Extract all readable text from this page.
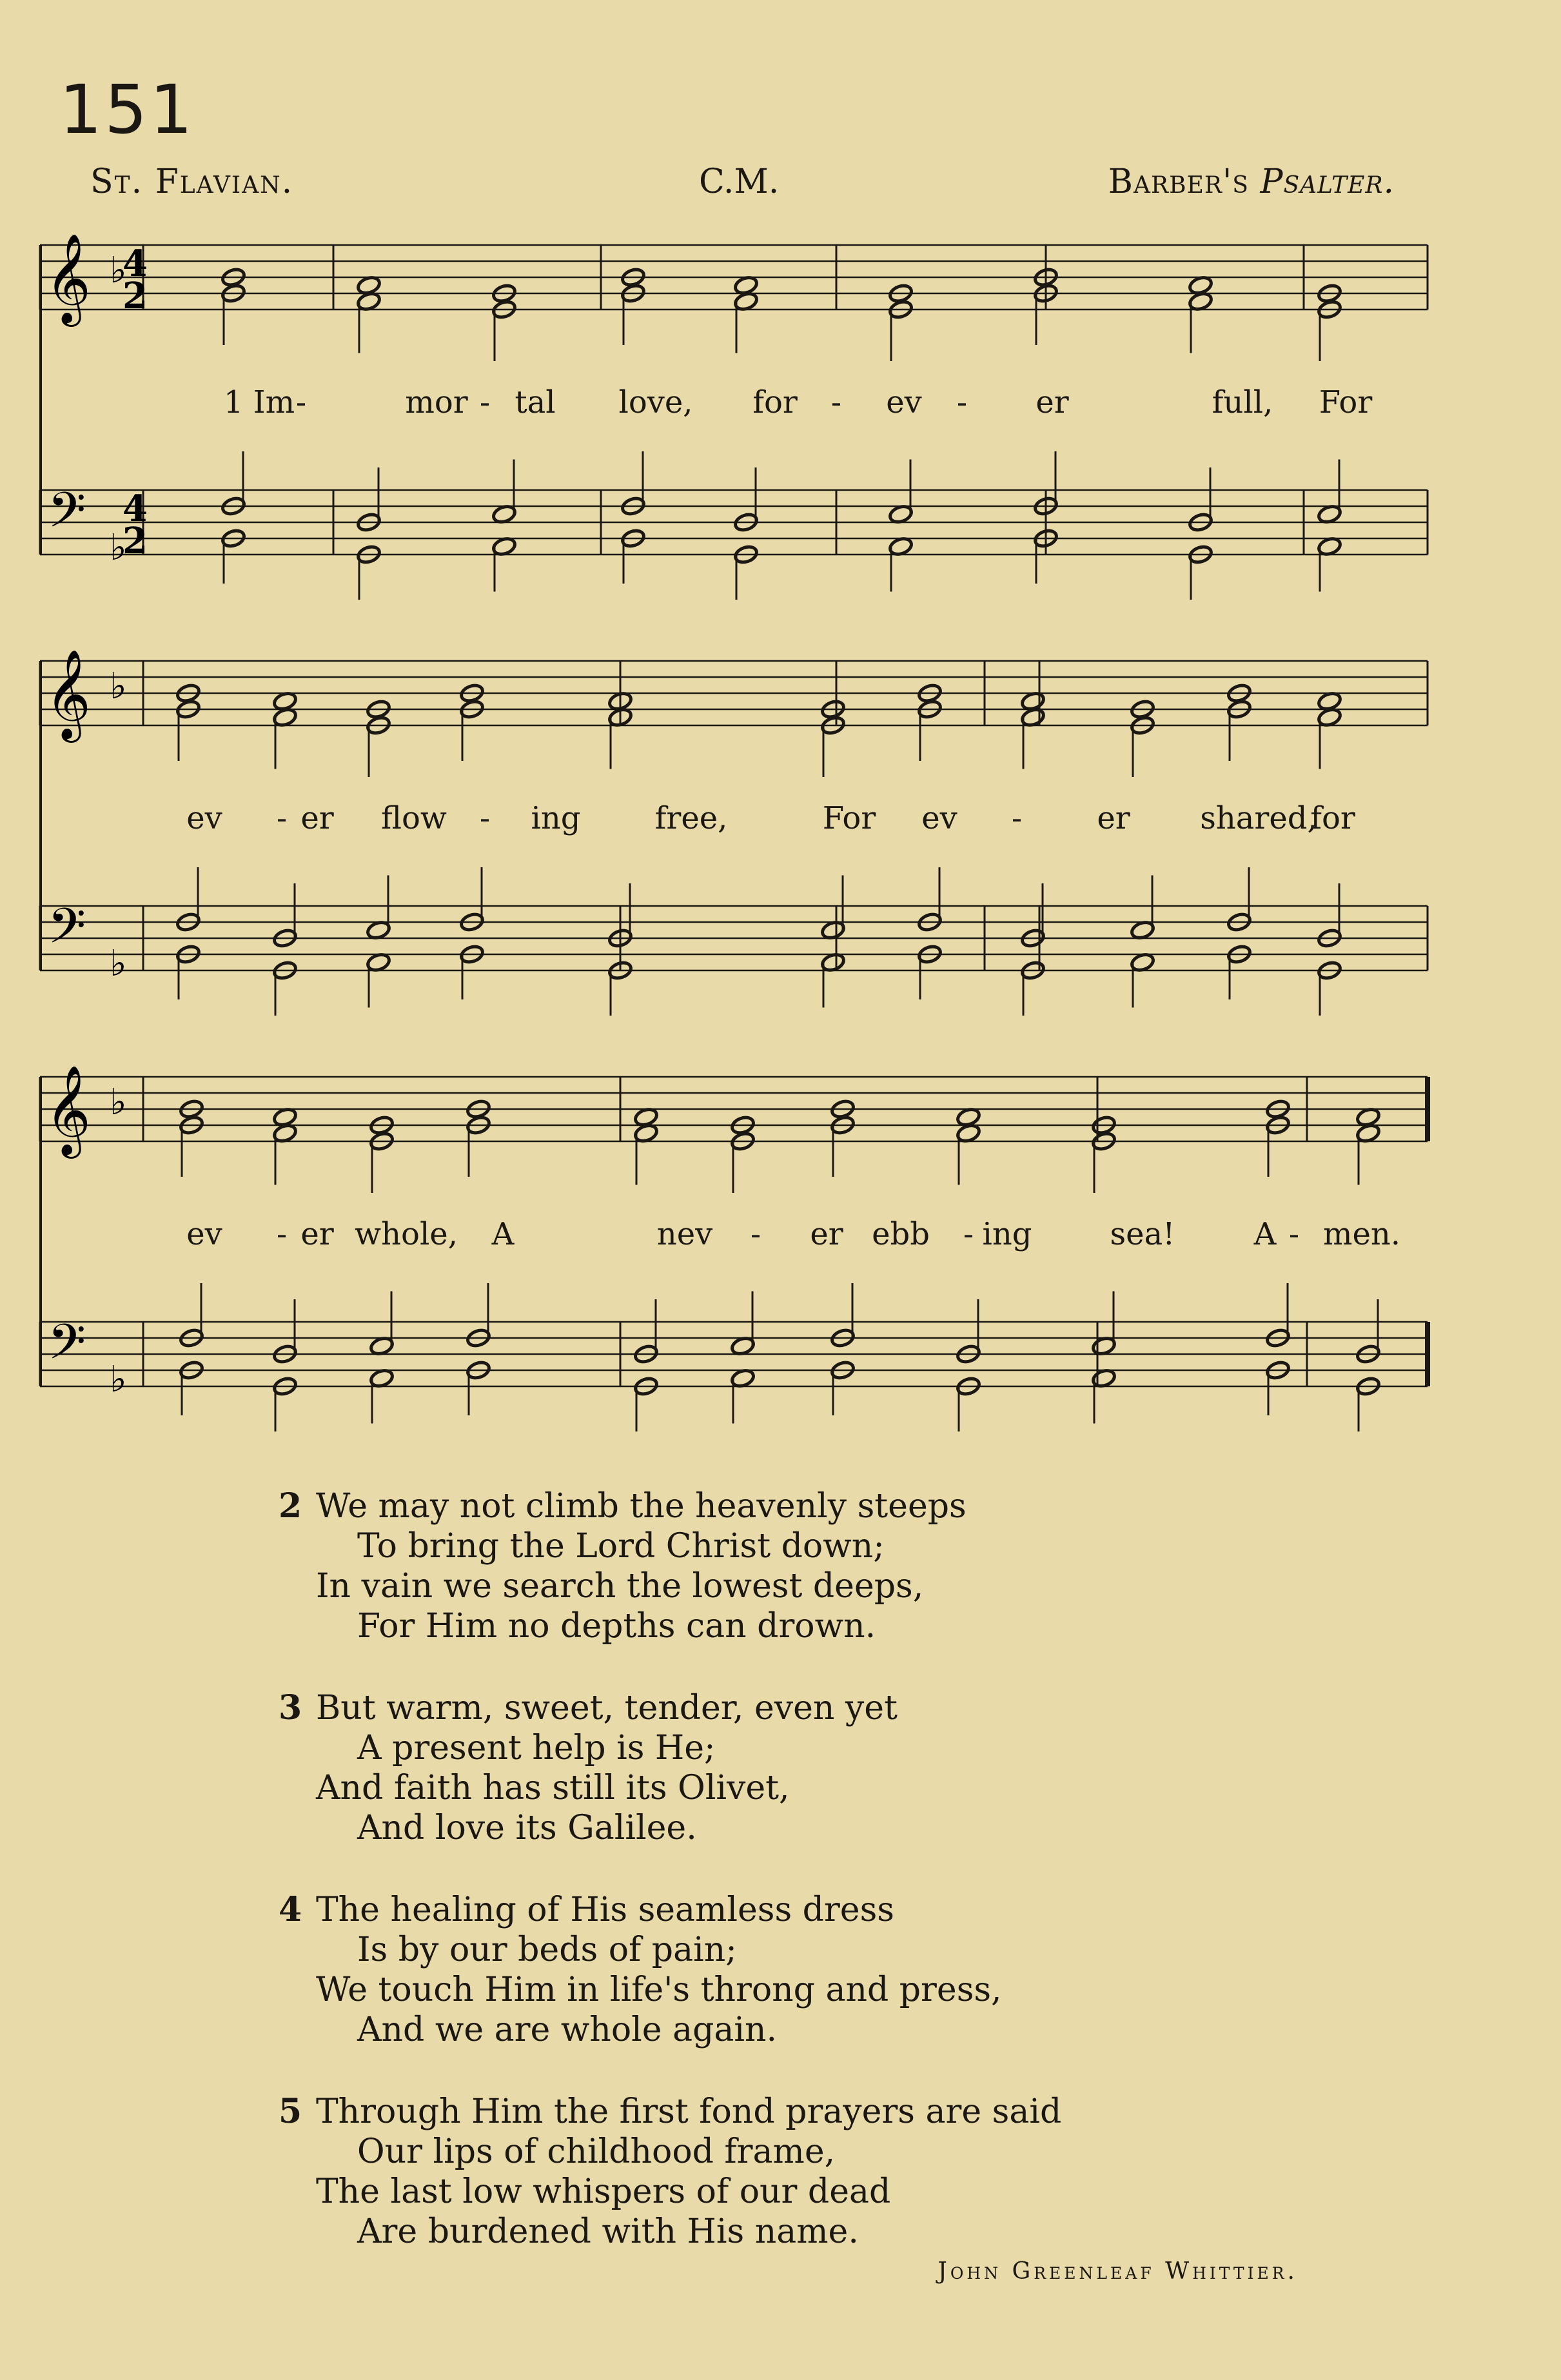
151
St. Flavian.	C.M.	Barber's Psalter.
𝄞
𝄢
♭
♭
4
2
4
2
1 Im -	mor - tal love, for - ev - er	full, For
𝄞
𝄢
♭
♭
ev - er flow - ing free,	For ev - er shared,
for
𝄞
𝄢
♭
♭
ev - er whole, A	nev - er ebb - ing	sea!	A - men.
2 We may not climb the heavenly steeps
To bring the Lord Christ down;
In vain we search the lowest deeps,
For Him no depths can drown.
3 But warm, sweet, tender, even yet
A present help is He;
And faith has still its Olivet,
And love its Galilee.
4 The healing of His seamless dress
Is by our beds of pain;
We touch Him in life's throng and press,
And we are whole again.
5 Through Him the first fond prayers are said
Our lips of childhood frame,
The last low whispers of our dead
Are burdened with His name.
John Greenleaf Whittier.
